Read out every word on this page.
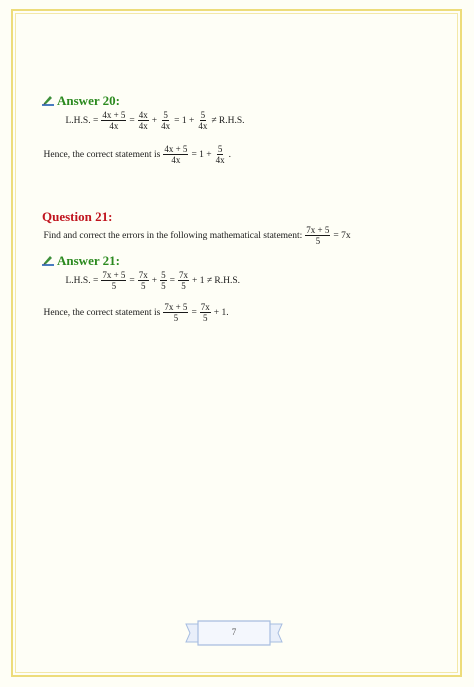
Answer 20:
L.H.S. = $\frac{4x + 5}{4x} = \frac{4x}{4x} + \frac{5}{4x} = 1 + \frac{5}{4x} \ne R.H.S$.
Hence, the correct statement is $\frac{4x + 5}{4x} = 1 + \frac{5}{4x}$ .
Question 21:
Find and correct the errors in the following mathematical statement: $\frac{7x + 5}{5} = 7x$
Answer 21:
L.H.S. = $\frac{7x + 5}{5} = \frac{7x}{5} + \frac{5}{5} = \frac{7x}{5} + 1 \ne R.H.S$.
Hence, the correct statement is $\frac{7x + 5}{5} = \frac{7x}{5} + 1$.
7
